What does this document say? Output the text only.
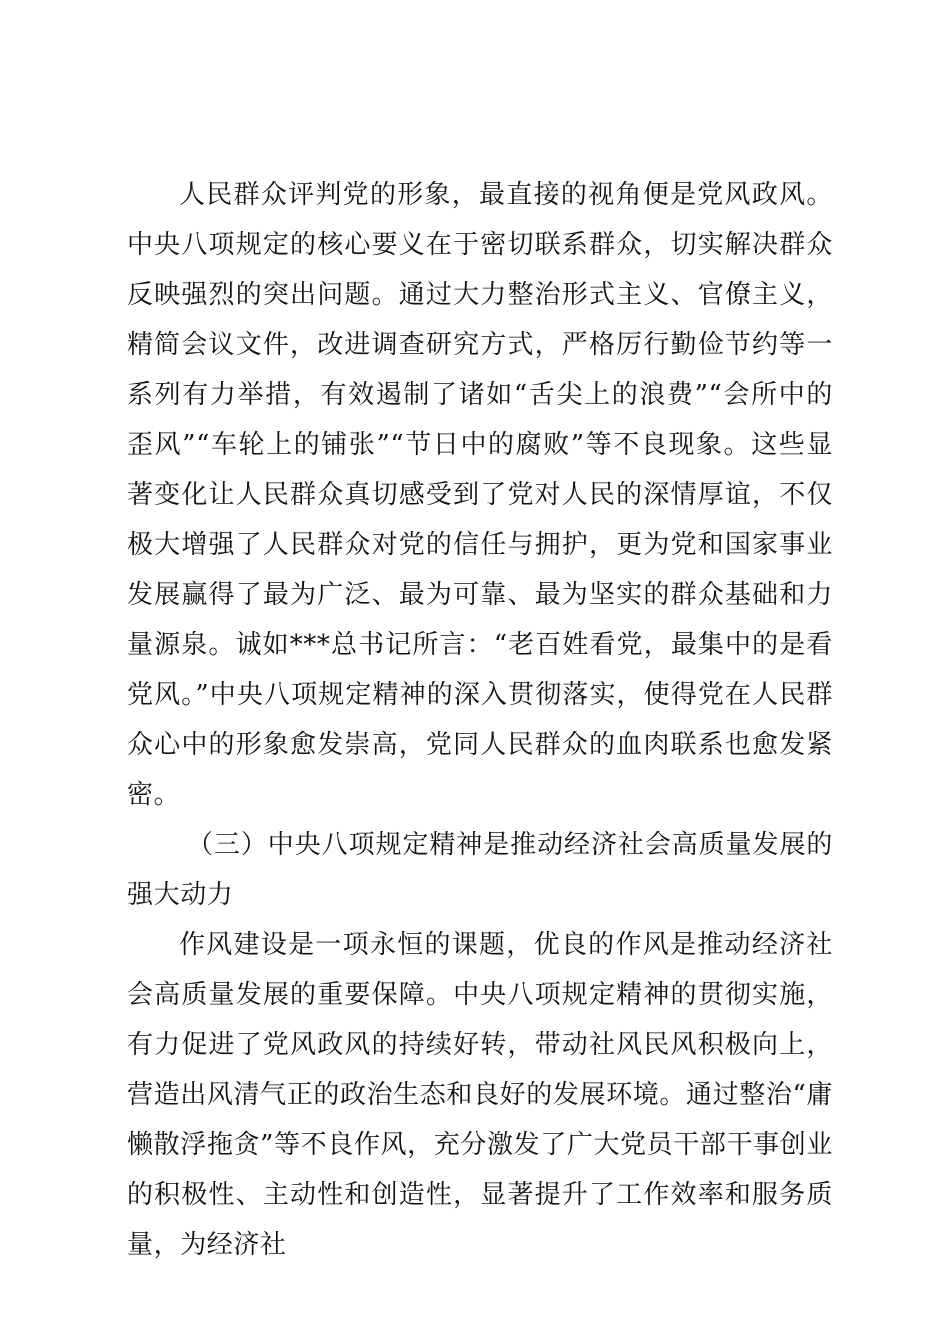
人民群众评判党的形象，最直接的视角便是党风政风。中央八项规定的核心要义在于密切联系群众，切实解决群众反映强烈的突出问题。通过大力整治形式主义、官僚主义，精简会议文件，改进调查研究方式，严格厉行勤俭节约等一系列有力举措，有效遏制了诸如“舌尖上的浪费”“会所中的歪风”“车轮上的铺张”“节日中的腐败”等不良现象。这些显著变化让人民群众真切感受到了党对人民的深情厚谊，不仅极大增强了人民群众对党的信任与拥护，更为党和国家事业发展赢得了最为广泛、最为可靠、最为坚实的群众基础和力量源泉。诚如***总书记所言：“老百姓看党，最集中的是看党风。”中央八项规定精神的深入贯彻落实，使得党在人民群众心中的形象愈发崇高，党同人民群众的血肉联系也愈发紧密。

（三）中央八项规定精神是推动经济社会高质量发展的强大动力

作风建设是一项永恒的课题，优良的作风是推动经济社会高质量发展的重要保障。中央八项规定精神的贯彻实施，有力促进了党风政风的持续好转，带动社风民风积极向上，营造出风清气正的政治生态和良好的发展环境。通过整治“庸懒散浮拖贪”等不良作风，充分激发了广大党员干部干事创业的积极性、主动性和创造性，显著提升了工作效率和服务质量，为经济社
